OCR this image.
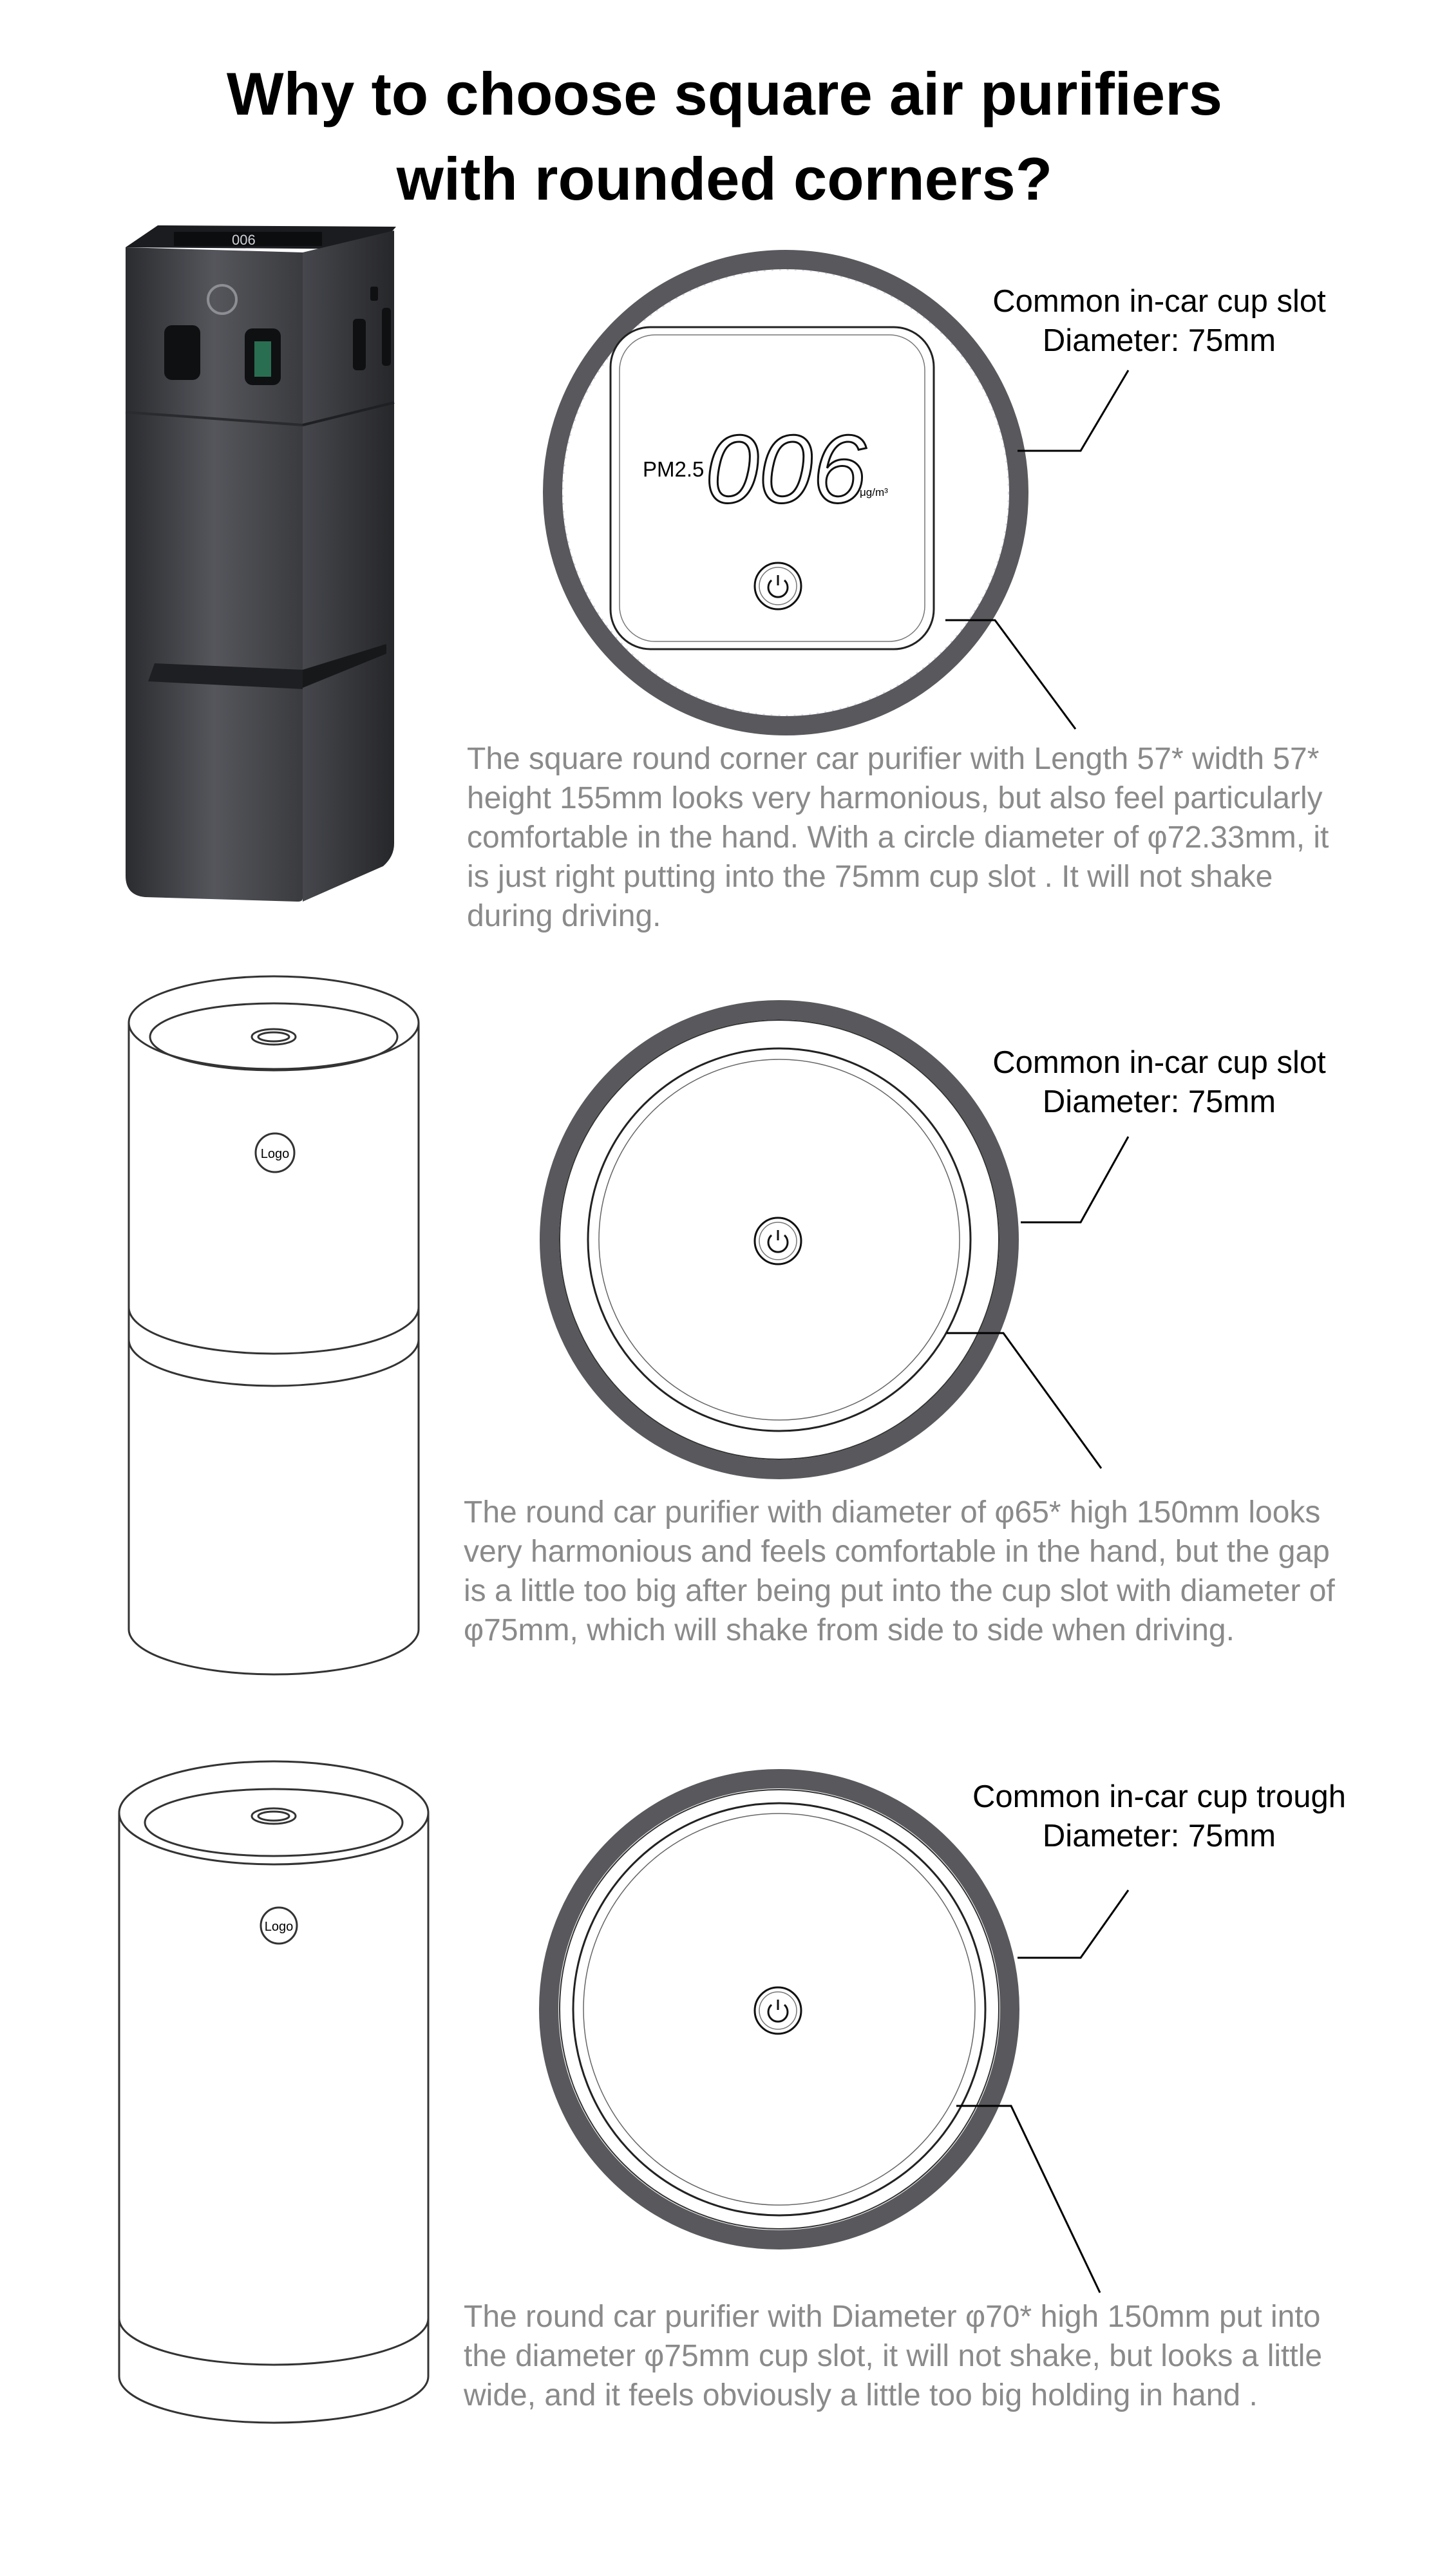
Why to choose square air purifiers
with rounded corners?
006
PM2.5 006
μg/m³
Logo
Logo
Common in-car cup slot
Diameter: 75mm
Common in-car cup slot
Diameter: 75mm
Common in-car cup trough
Diameter: 75mm
The square round corner car purifier with Length 57* width 57*
height 155mm looks very harmonious, but also feel particularly
comfortable in the hand. With a circle diameter of φ72.33mm, it
is just right putting into the 75mm cup slot . It will not shake
during driving.
The round car purifier with diameter of φ65* high 150mm looks
very harmonious and feels comfortable in the hand, but the gap
is a little too big after being put into the cup slot with diameter of
φ75mm, which will shake from side to side when driving.
The round car purifier with Diameter φ70* high 150mm put into
the diameter φ75mm cup slot, it will not shake, but looks a little
wide, and it feels obviously a little too big holding in hand .
